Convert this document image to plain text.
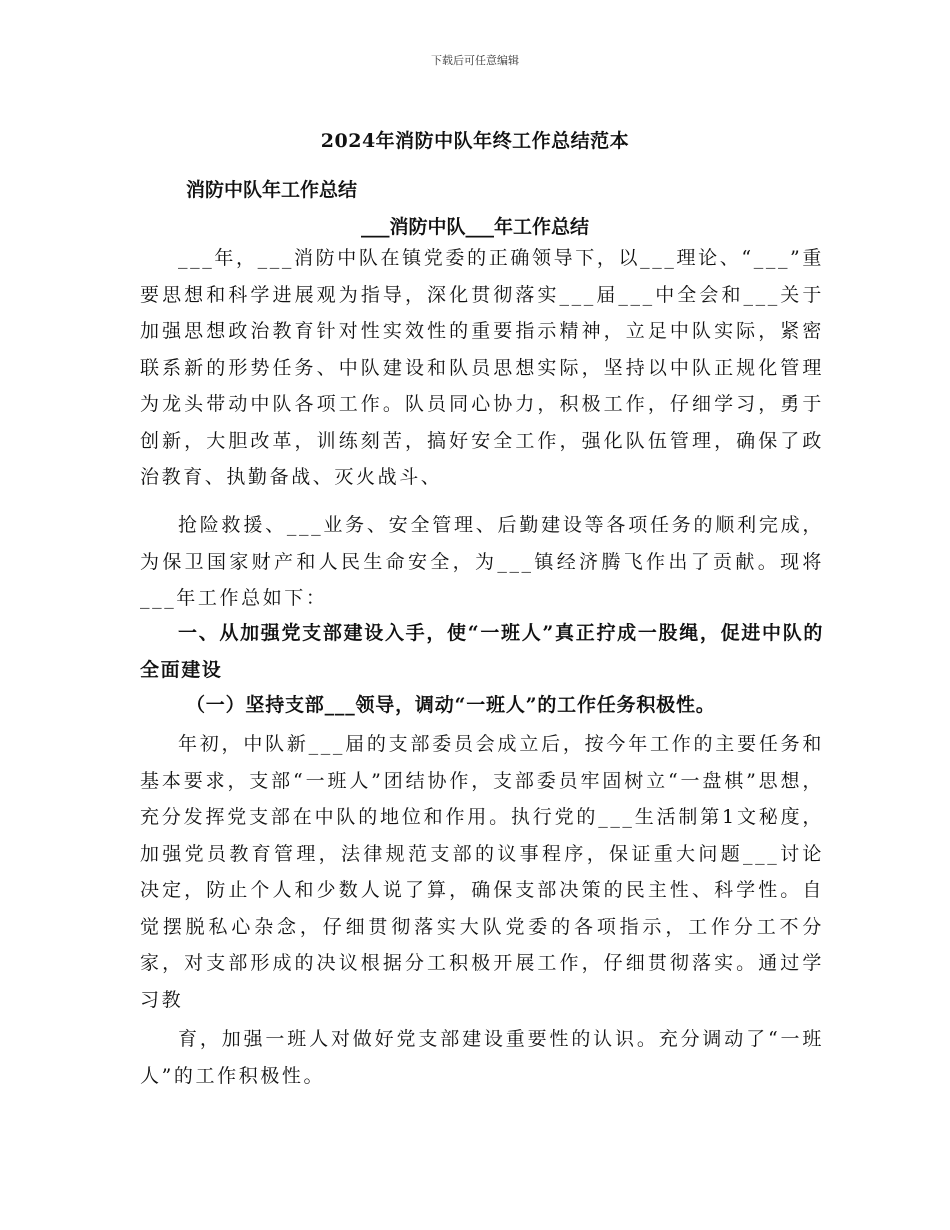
下载后可任意编辑
2024年消防中队年终工作总结范本
消防中队年工作总结
___消防中队___年工作总结

___年，___消防中队在镇党委的正确领导下，以___理论、“___”重要思想和科学进展观为指导，深化贯彻落实___届___中全会和___关于加强思想政治教育针对性实效性的重要指示精神，立足中队实际，紧密联系新的形势任务、中队建设和队员思想实际，坚持以中队正规化管理为龙头带动中队各项工作。队员同心协力，积极工作，仔细学习，勇于创新，大胆改革，训练刻苦，搞好安全工作，强化队伍管理，确保了政治教育、执勤备战、灭火战斗、

抢险救援、___业务、安全管理、后勤建设等各项任务的顺利完成，为保卫国家财产和人民生命安全，为___镇经济腾飞作出了贡献。现将___年工作总如下：

一、从加强党支部建设入手，使“一班人”真正拧成一股绳，促进中队的全面建设

（一）坚持支部___领导，调动“一班人”的工作任务积极性。

年初，中队新___届的支部委员会成立后，按今年工作的主要任务和基本要求，支部“一班人”团结协作，支部委员牢固树立“一盘棋”思想，充分发挥党支部在中队的地位和作用。执行党的___生活制第1文秘度，加强党员教育管理，法律规范支部的议事程序，保证重大问题___讨论决定，防止个人和少数人说了算，确保支部决策的民主性、科学性。自觉摆脱私心杂念，仔细贯彻落实大队党委的各项指示，工作分工不分家，对支部形成的决议根据分工积极开展工作，仔细贯彻落实。通过学习教

育，加强一班人对做好党支部建设重要性的认识。充分调动了“一班人”的工作积极性。
